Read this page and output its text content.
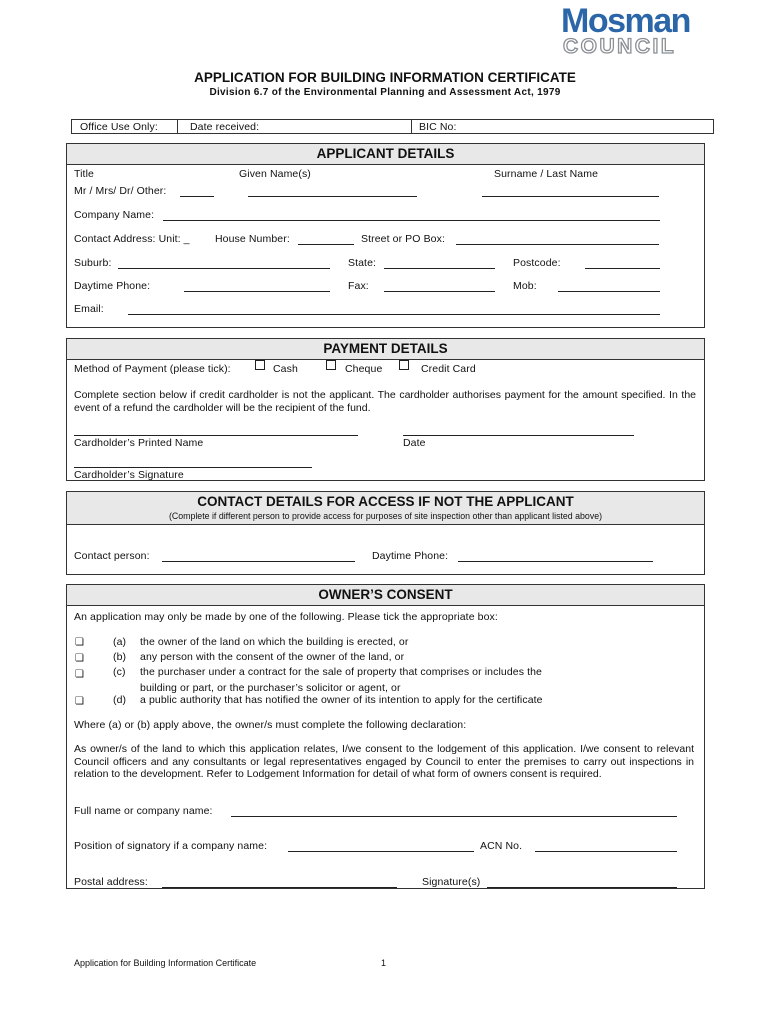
Mosman
COUNCIL
APPLICATION FOR BUILDING INFORMATION CERTIFICATE
Division 6.7 of the Environmental Planning and Assessment Act, 1979
Office Use Only:	Date received:	BIC No:
APPLICANT DETAILS
Title	Given Name(s)	Surname / Last Name
Mr / Mrs/ Dr/ Other:
Company Name:
Contact Address: Unit: _ House Number:	Street or PO Box:
Suburb:	State:	Postcode:
Daytime Phone:	Fax:	Mob:
Email:
PAYMENT DETAILS
Method of Payment (please tick):	Cash	Cheque	Credit Card

Complete section below if credit cardholder is not the applicant. The cardholder authorises payment for the amount specified. In the event of a refund the cardholder will be the recipient of the fund.

Cardholder’s Printed Name	Date
Cardholder’s Signature
CONTACT DETAILS FOR ACCESS IF NOT THE APPLICANT
(Complete if different person to provide access for purposes of site inspection other than applicant listed above)
Contact person:	Daytime Phone:
OWNER’S CONSENT
An application may only be made by one of the following. Please tick the appropriate box:
❏	(a) the owner of the land on which the building is erected, or
❏	(b) any person with the consent of the owner of the land, or
❏	(c) the purchaser under a contract for the sale of property that comprises or includes the
building or part, or the purchaser’s solicitor or agent, or
❏	(d) a public authority that has notified the owner of its intention to apply for the certificate
Where (a) or (b) apply above, the owner/s must complete the following declaration:

As owner/s of the land to which this application relates, I/we consent to the lodgement of this application. I/we consent to relevant Council officers and any consultants or legal representatives engaged by Council to enter the premises to carry out inspections in relation to the development. Refer to Lodgement Information for detail of what form of owners consent is required.

Full name or company name:
Position of signatory if a company name:	ACN No.
Postal address:	Signature(s)
Application for Building Information Certificate	1
